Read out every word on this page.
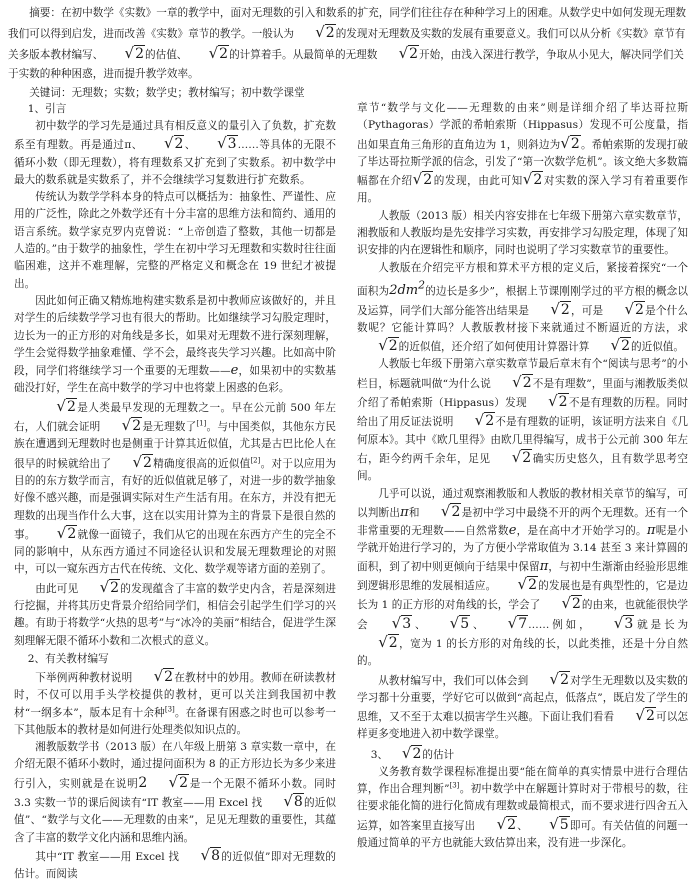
摘要：在初中数学《实数》一章的教学中，面对无理数的引入和数系的扩充，同学们往往存在种种学习上的困难。从数学史中如何发现无理数我们可以得到启发，进而改善《实数》章节的教学。一般认为 √2的发现对无理数及实数的发展有重要意义。我们可以从分析《实数》章节有关多版本教材编写、 √2的估值、 √2的计算着手。从最简单的无理数 √2开始，由浅入深进行教学，争取从小见大，解决同学们关于实数的种种困惑，进而提升教学效率。

关键词：无理数；实数；数学史；教材编写；初中数学课堂

1、引言

初中数学的学习先是通过具有相反意义的量引入了负数，扩充数系至有理数。再是通过π、 √2、 √3……等具体的无限不循环小数（即无理数），将有理数系又扩充到了实数系。初中数学中最大的数系就是实数系了，并不会继续学习复数进行扩充数系。

传统认为数学学科本身的特点可以概括为：抽象性、严谨性、应用的广泛性，除此之外数学还有十分丰富的思维方法和简约、通用的语言系统。数学家克罗内克曾说：“上帝创造了整数，其他一切都是人造的。”由于数学的抽象性，学生在初中学习无理数和实数时往往面临困难，这并不难理解，完整的严格定义和概念在 19 世纪才被提出。

因此如何正确又精炼地构建实数系是初中教师应该做好的，并且对学生的后续数学学习也有很大的帮助。比如继续学习勾股定理时，边长为一的正方形的对角线是多长，如果对无理数不进行深刻理解，学生会觉得数学抽象难懂、学不会，最终丧失学习兴趣。比如高中阶段，同学们将继续学习一个重要的无理数——e，如果初中的实数基础没打好，学生在高中数学的学习中也将蒙上困惑的色彩。

√2是人类最早发现的无理数之一。早在公元前 500 年左右，人们就会证明 √2是无理数了[1]。与中国类似，其他东方民族在遭遇到无理数时也是侧重于计算其近似值，尤其是古巴比伦人在很早的时候就给出了 √2精确度很高的近似值[2]。对于以应用为目的的东方数学而言，有好的近似值就足够了，对进一步的数学抽象好像不感兴趣，而是强调实际对生产生活有用。在东方，并没有把无理数的出现当作什么大事，这在以实用计算为主的背景下是很自然的事。 √2就像一面镜子，我们从它的出现在东西方产生的完全不同的影响中，从东西方通过不同途径认识和发展无理数理论的对照中，可以一窥东西方古代在传统、文化、数学观等诸方面的差别了。

由此可见 √2的发现蕴含了丰富的数学史内含，若是深刻进行挖掘，并将其历史背景介绍给同学们，相信会引起学生们学习的兴趣。有助于将数学“火热的思考”与“冰冷的美丽”相结合，促进学生深刻理解无限不循环小数和二次根式的意义。

2、有关教材编写

下举例两种教材说明 √2在教材中的妙用。教师在研读教材时，不仅可以用手头学校提供的教材，更可以关注到我国初中教材“一纲多本”，版本足有十余种[3]。在备课有困惑之时也可以参考一下其他版本的教材是如何进行处理类似知识点的。

湘教版数学书（2013 版）在八年级上册第 3 章实数一章中，在介绍无限不循环小数时，通过提问面积为 8 的正方形边长为多少来进行引入，实则就是在说明2 √2是一个无限不循环小数。同时 3.3 实数一节的课后阅读有“IT 教室——用 Excel 找 √8的近似值”、“数学与文化——无理数的由来”，足见无理数的重要性，其蕴含了丰富的数学文化内涵和思维内涵。

其中“IT 教室——用 Excel 找 √8的近似值”即对无理数的估计。而阅读

章节“数学与文化——无理数的由来”则是详细介绍了毕达哥拉斯（Pythagoras）学派的希帕索斯（Hippasus）发现不可公度量，指出如果直角三角形的直角边为 1，则斜边为√2。希帕索斯的发现打破了毕达哥拉斯学派的信念，引发了“第一次数学危机”。该文绝大多数篇幅都在介绍√2的发现，由此可知√2对实数的深入学习有着重要作用。

人教版（2013 版）相关内容安排在七年级下册第六章实数章节，湘教版和人教版均是先安排学习实数，再安排学习勾股定理，体现了知识安排的内在逻辑性和顺序，同时也说明了学习实数章节的重要性。

人教版在介绍完平方根和算术平方根的定义后，紧接着探究“一个面积为$2dm^2$的边长是多少”，根据上节课刚刚学过的平方根的概念以及运算，同学们大部分能答出结果是 √2，可是 √2是个什么数呢？它能计算吗？人教版教材接下来就通过不断逼近的方法，求√2的近似值，还介绍了如何使用计算器计算 √2的近似值。

人教版七年级下册第六章实数章节最后章末有个“阅读与思考”的小栏目，标题就叫做“为什么说 √2不是有理数”，里面与湘教版类似介绍了希帕索斯（Hippasus）发现 √2不是有理数的历程。同时给出了用反证法说明 √2不是有理数的证明，该证明方法来自《几何原本》。其中《欧几里得》由欧几里得编写，成书于公元前 300 年左右，距今约两千余年，足见 √2确实历史悠久，且有数学思考空间。

几乎可以说，通过观察湘教版和人教版的教材相关章节的编写，可以判断出π和 √2是初中学习中最绕不开的两个无理数。还有一个非常重要的无理数——自然常数e，是在高中才开始学习的。π呢是小学就开始进行学习的，为了方便小学常取值为 3.14 甚至 3 来计算圆的面积，到了初中则更倾向于结果中保留π，与初中生渐渐由经验形思维到逻辑形思维的发展相适应。 √2的发展也是有典型性的，它是边长为 1 的正方形的对角线的长，学会了 √2的由来，也就能很快学会 √3、 √5、 √7……例如， √3就是长为√2，宽为 1 的长方形的对角线的长，以此类推，还是十分自然的。

从教材编写中，我们可以体会到 √2对学生无理数以及实数的学习都十分重要，学好它可以做到“高起点，低落点”，既启发了学生的思维，又不至于太难以损害学生兴趣。下面让我们看看 √2可以怎样更多变地进入初中数学课堂。

3、 √2的估计

义务教育数学课程标准提出要“能在简单的真实情景中进行合理估算，作出合理判断”[3]。初中数学中在解题计算时对于带根号的数，往往要求能化简的进行化简成有理数或最简根式，而不要求进行四舍五入运算，如答案里直接写出 √2、 √5即可。有关估值的问题一般通过简单的平方也就能大致估算出来，没有进一步深化。
